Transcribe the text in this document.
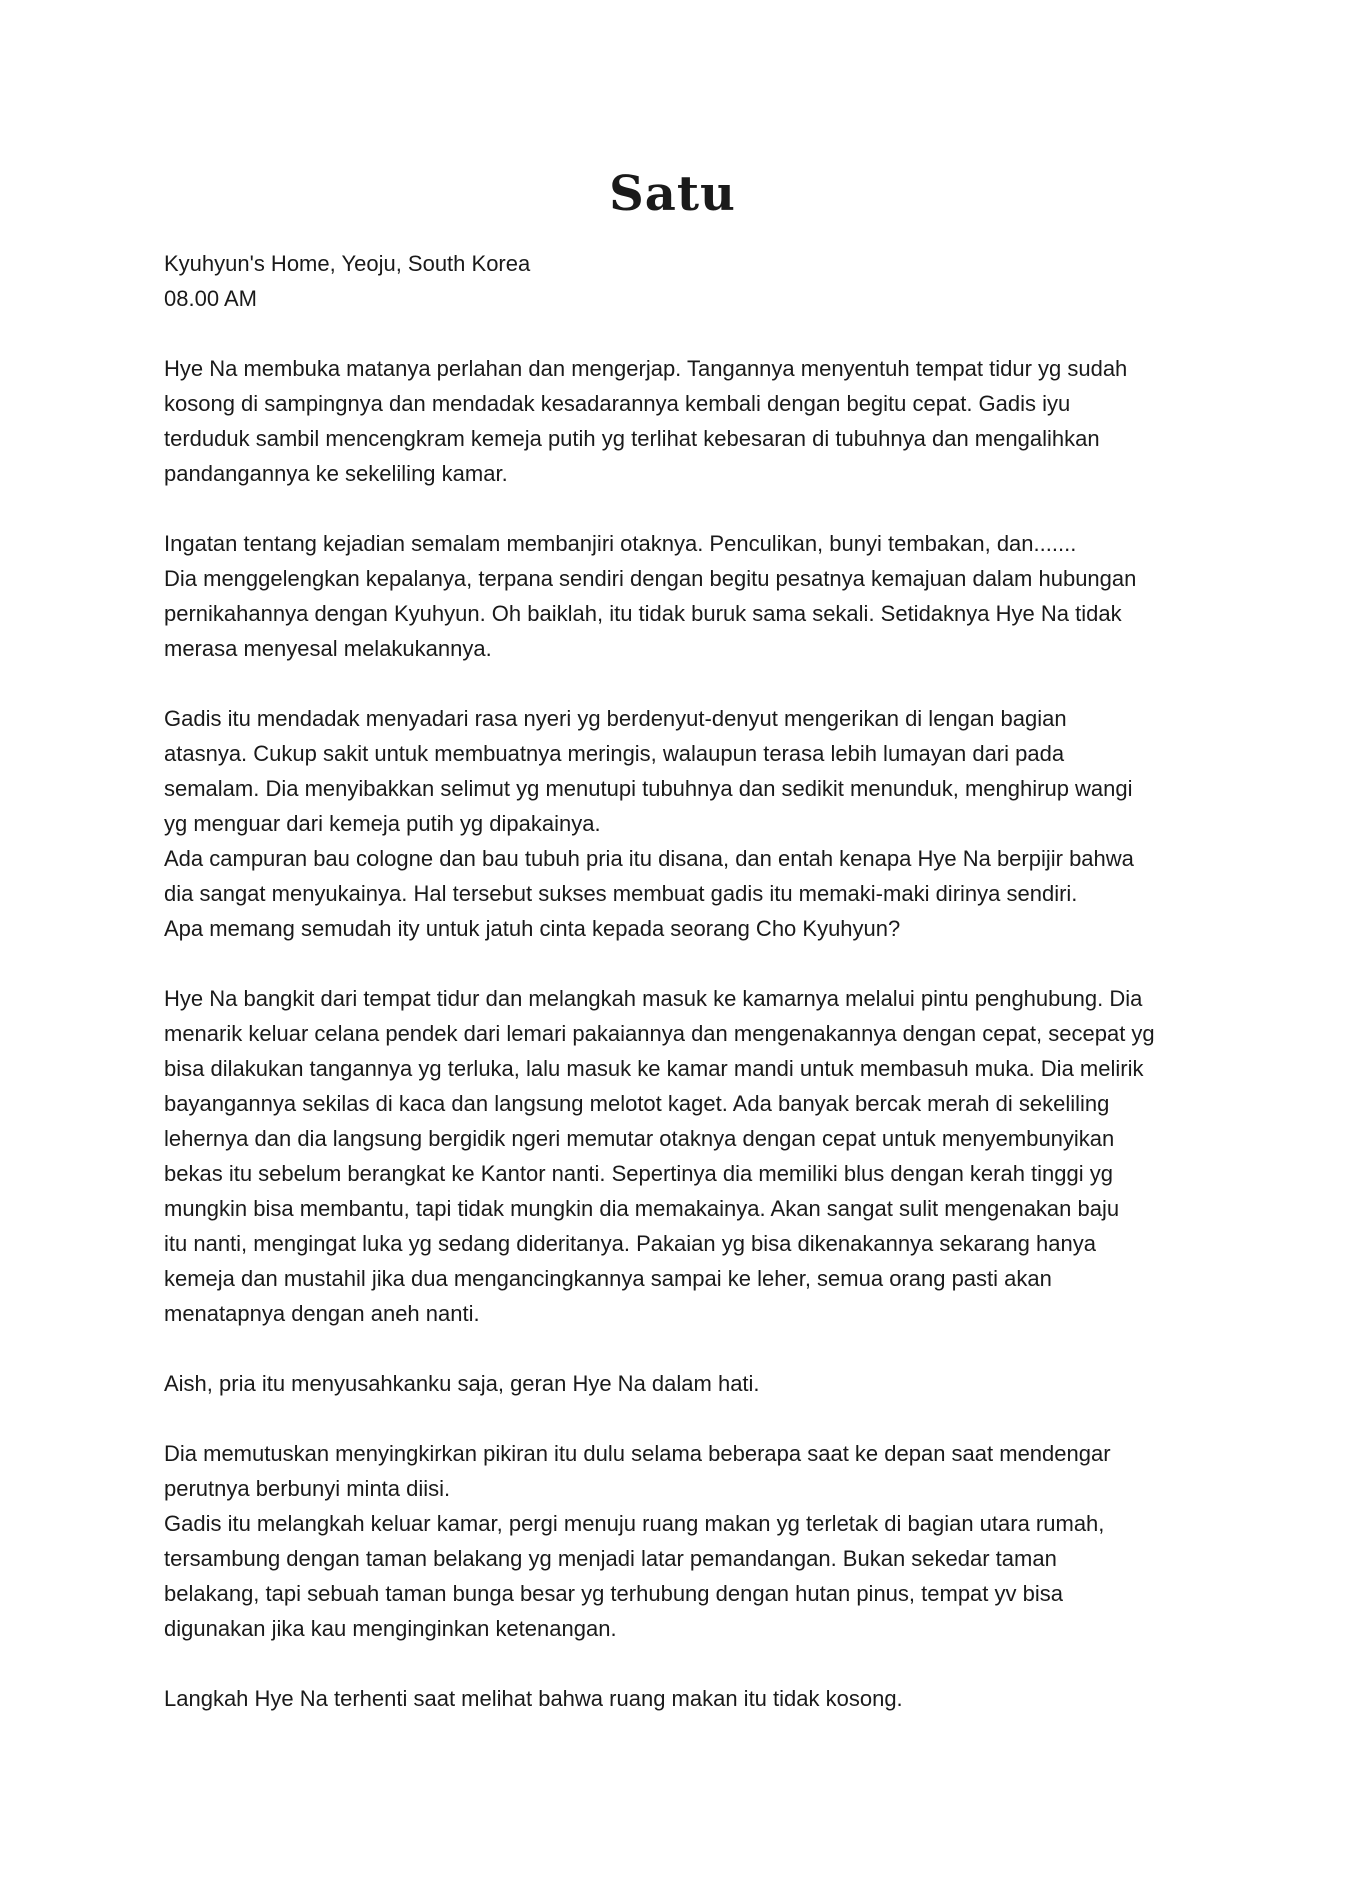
Satu

Kyuhyun's Home, Yeoju, South Korea
08.00 AM

Hye Na membuka matanya perlahan dan mengerjap. Tangannya menyentuh tempat tidur yg sudah
kosong di sampingnya dan mendadak kesadarannya kembali dengan begitu cepat. Gadis iyu
terduduk sambil mencengkram kemeja putih yg terlihat kebesaran di tubuhnya dan mengalihkan
pandangannya ke sekeliling kamar.

Ingatan tentang kejadian semalam membanjiri otaknya. Penculikan, bunyi tembakan, dan.......
Dia menggelengkan kepalanya, terpana sendiri dengan begitu pesatnya kemajuan dalam hubungan
pernikahannya dengan Kyuhyun. Oh baiklah, itu tidak buruk sama sekali. Setidaknya Hye Na tidak
merasa menyesal melakukannya.

Gadis itu mendadak menyadari rasa nyeri yg berdenyut-denyut mengerikan di lengan bagian
atasnya. Cukup sakit untuk membuatnya meringis, walaupun terasa lebih lumayan dari pada
semalam. Dia menyibakkan selimut yg menutupi tubuhnya dan sedikit menunduk, menghirup wangi
yg menguar dari kemeja putih yg dipakainya.
Ada campuran bau cologne dan bau tubuh pria itu disana, dan entah kenapa Hye Na berpijir bahwa
dia sangat menyukainya. Hal tersebut sukses membuat gadis itu memaki-maki dirinya sendiri.
Apa memang semudah ity untuk jatuh cinta kepada seorang Cho Kyuhyun?

Hye Na bangkit dari tempat tidur dan melangkah masuk ke kamarnya melalui pintu penghubung. Dia
menarik keluar celana pendek dari lemari pakaiannya dan mengenakannya dengan cepat, secepat yg
bisa dilakukan tangannya yg terluka, lalu masuk ke kamar mandi untuk membasuh muka. Dia melirik
bayangannya sekilas di kaca dan langsung melotot kaget. Ada banyak bercak merah di sekeliling
lehernya dan dia langsung bergidik ngeri memutar otaknya dengan cepat untuk menyembunyikan
bekas itu sebelum berangkat ke Kantor nanti. Sepertinya dia memiliki blus dengan kerah tinggi yg
mungkin bisa membantu, tapi tidak mungkin dia memakainya. Akan sangat sulit mengenakan baju
itu nanti, mengingat luka yg sedang dideritanya. Pakaian yg bisa dikenakannya sekarang hanya
kemeja dan mustahil jika dua mengancingkannya sampai ke leher, semua orang pasti akan
menatapnya dengan aneh nanti.

Aish, pria itu menyusahkanku saja, geran Hye Na dalam hati.

Dia memutuskan menyingkirkan pikiran itu dulu selama beberapa saat ke depan saat mendengar
perutnya berbunyi minta diisi.
Gadis itu melangkah keluar kamar, pergi menuju ruang makan yg terletak di bagian utara rumah,
tersambung dengan taman belakang yg menjadi latar pemandangan. Bukan sekedar taman
belakang, tapi sebuah taman bunga besar yg terhubung dengan hutan pinus, tempat yv bisa
digunakan jika kau menginginkan ketenangan.

Langkah Hye Na terhenti saat melihat bahwa ruang makan itu tidak kosong.
